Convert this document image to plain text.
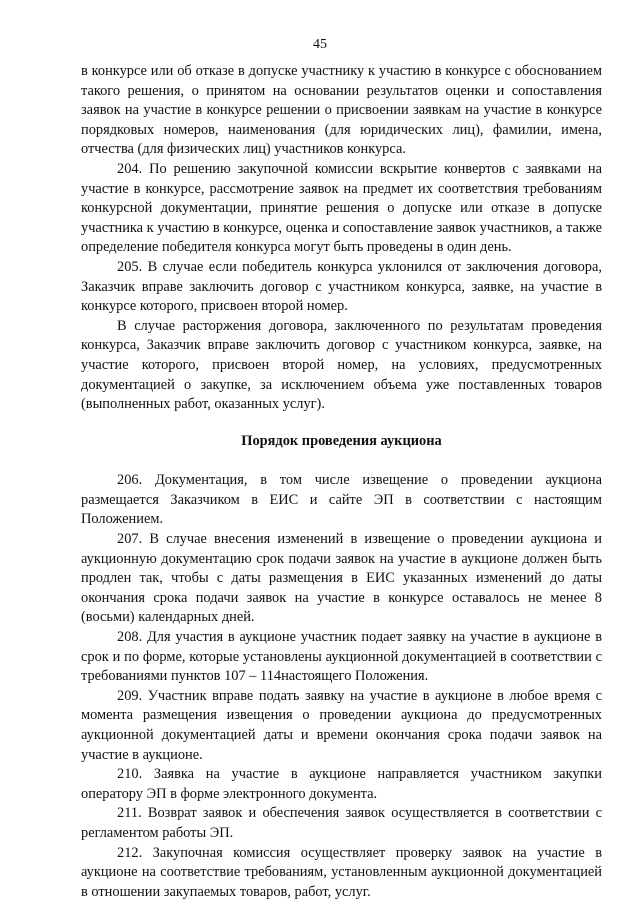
45

в конкурсе или об отказе в допуске участнику к участию в конкурсе с обоснованием такого решения, о принятом на основании результатов оценки и сопоставления заявок на участие в конкурсе решении о присвоении заявкам на участие в конкурсе порядковых номеров, наименования (для юридических лиц), фамилии, имена, отчества (для физических лиц) участников конкурса.

204. По решению закупочной комиссии вскрытие конвертов с заявками на участие в конкурсе, рассмотрение заявок на предмет их соответствия требованиям конкурсной документации, принятие решения о допуске или отказе в допуске участника к участию в конкурсе, оценка и сопоставление заявок участников, а также определение победителя конкурса могут быть проведены в один день.

205. В случае если победитель конкурса уклонился от заключения договора, Заказчик вправе заключить договор с участником конкурса, заявке, на участие в конкурсе которого, присвоен второй номер.

В случае расторжения договора, заключенного по результатам проведения конкурса, Заказчик вправе заключить договор с участником конкурса, заявке, на участие которого, присвоен второй номер, на условиях, предусмотренных документацией о закупке, за исключением объема уже поставленных товаров (выполненных работ, оказанных услуг).

Порядок проведения аукциона

206. Документация, в том числе извещение о проведении аукциона размещается Заказчиком в ЕИС и сайте ЭП в соответствии с настоящим Положением.

207. В случае внесения изменений в извещение о проведении аукциона и аукционную документацию срок подачи заявок на участие в аукционе должен быть продлен так, чтобы с даты размещения в ЕИС указанных изменений до даты окончания срока подачи заявок на участие в конкурсе оставалось не менее 8 (восьми) календарных дней.

208. Для участия в аукционе участник подает заявку на участие в аукционе в срок и по форме, которые установлены аукционной документацией в соответствии с требованиями пунктов 107 – 114настоящего Положения.

209. Участник вправе подать заявку на участие в аукционе в любое время с момента размещения извещения о проведении аукциона до предусмотренных аукционной документацией даты и времени окончания срока подачи заявок на участие в аукционе.

210. Заявка на участие в аукционе направляется участником закупки оператору ЭП в форме электронного документа.

211. Возврат заявок и обеспечения заявок осуществляется в соответствии с регламентом работы ЭП.

212. Закупочная комиссия осуществляет проверку заявок на участие в аукционе на соответствие требованиям, установленным аукционной документацией в отношении закупаемых товаров, работ, услуг.
